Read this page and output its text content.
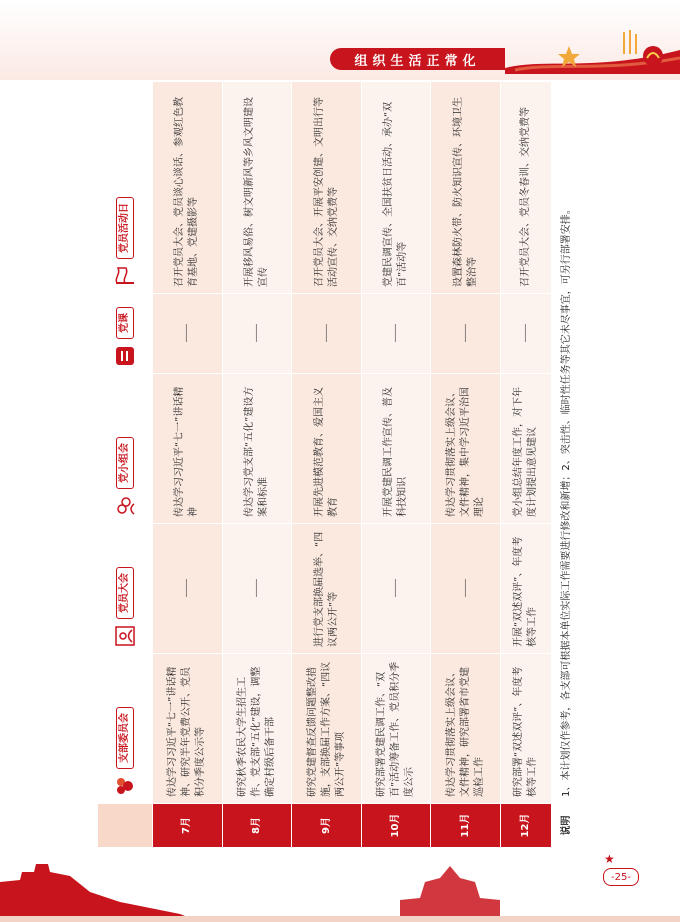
组织生活正常化

	支部委员会	党员大会	党小组会	党课	党员活动日

7月	传达学习习近平“七一”讲话精神、研究半年党费公开、党员积分季度公示等	——	传达学习习近平“七一”讲话精神	——	召开党员大会、党员谈心谈话、参观红色教育基地、党建摄影等
8月	研究秋季农民大学生招生工作、党支部“五化”建设，调整确定村级后备干部	——	传达学习党支部“五化”建设方案和标准	——	开展移风易俗、树文明新风等乡风文明建设宣传
9月	研究党建督查反馈问题整改措施，支部换届工作方案、“四议两公开”等事项	进行党支部换届选举、“四议两公开”等	开展先进模范教育、爱国主义教育	——	召开党员大会、开展平安创建、文明出行等活动宣传、交纳党费等
10月	研究部署党建民调工作、“双百”活动筹备工作、党员积分季度公示	——	开展党建民调工作宣传、普及科技知识	——	党建民调宣传、全国扶贫日活动、承办“双百”活动等
11月	传达学习贯彻落实上级会议、文件精神，研究部署省市党建巡检工作	——	传达学习贯彻落实上级会议、文件精神，集中学习近平治国理论	——	设置森林防火带、防火知识宣传、环境卫生整治等
12月	研究部署“双述双评”、年度考核等工作	开展“双述双评”、年度考核等工作	党小组总结年度工作，对下年度计划提出意见建议	——	召开党员大会、党员冬春训、交纳党费等
说明	1、本计划仅作参考，各支部可根据本单位实际工作需要进行修改和新增；2、突击性、临时性任务等其它未尽事宜，可另行部署安排。				
★
-25-
